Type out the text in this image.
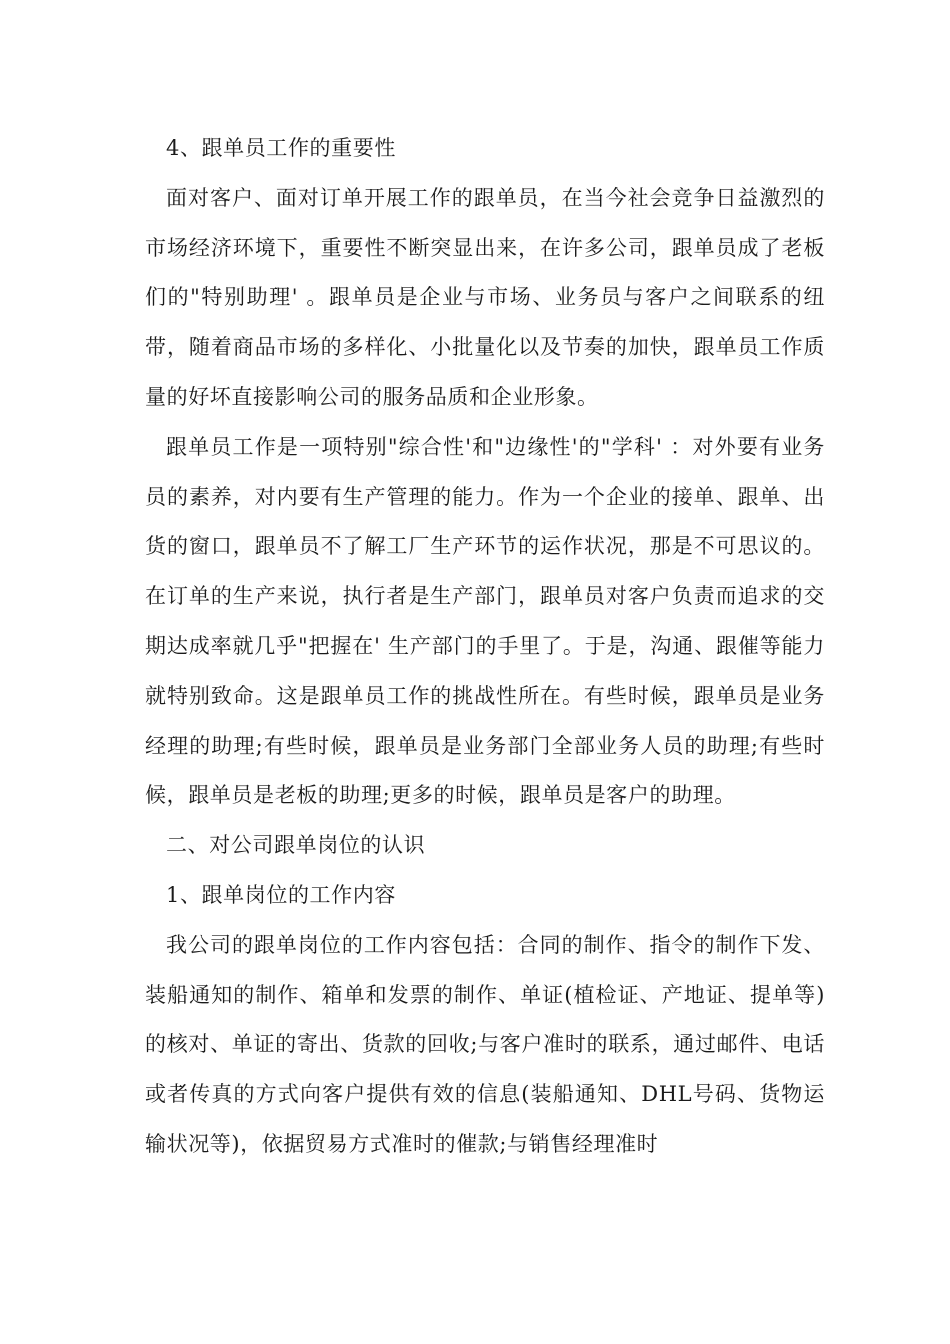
4、跟单员工作的重要性

面对客户、面对订单开展工作的跟单员，在当今社会竞争日益激烈的市场经济环境下，重要性不断突显出来，在许多公司，跟单员成了老板们的"特别助理' 。跟单员是企业与市场、业务员与客户之间联系的纽带，随着商品市场的多样化、小批量化以及节奏的加快，跟单员工作质量的好坏直接影响公司的服务品质和企业形象。

跟单员工作是一项特别"综合性'和"边缘性'的"学科' ：对外要有业务员的素养，对内要有生产管理的能力。作为一个企业的接单、跟单、出货的窗口，跟单员不了解工厂生产环节的运作状况，那是不可思议的。在订单的生产来说，执行者是生产部门，跟单员对客户负责而追求的交期达成率就几乎"把握在' 生产部门的手里了。于是，沟通、跟催等能力就特别致命。这是跟单员工作的挑战性所在。有些时候，跟单员是业务经理的助理;有些时候，跟单员是业务部门全部业务人员的助理;有些时候，跟单员是老板的助理;更多的时候，跟单员是客户的助理。

二、对公司跟单岗位的认识

1、跟单岗位的工作内容

我公司的跟单岗位的工作内容包括：合同的制作、指令的制作下发、装船通知的制作、箱单和发票的制作、单证(植检证、产地证、提单等)的核对、单证的寄出、货款的回收;与客户准时的联系，通过邮件、电话或者传真的方式向客户提供有效的信息(装船通知、DHL号码、货物运输状况等)，依据贸易方式准时的催款;与销售经理准时
